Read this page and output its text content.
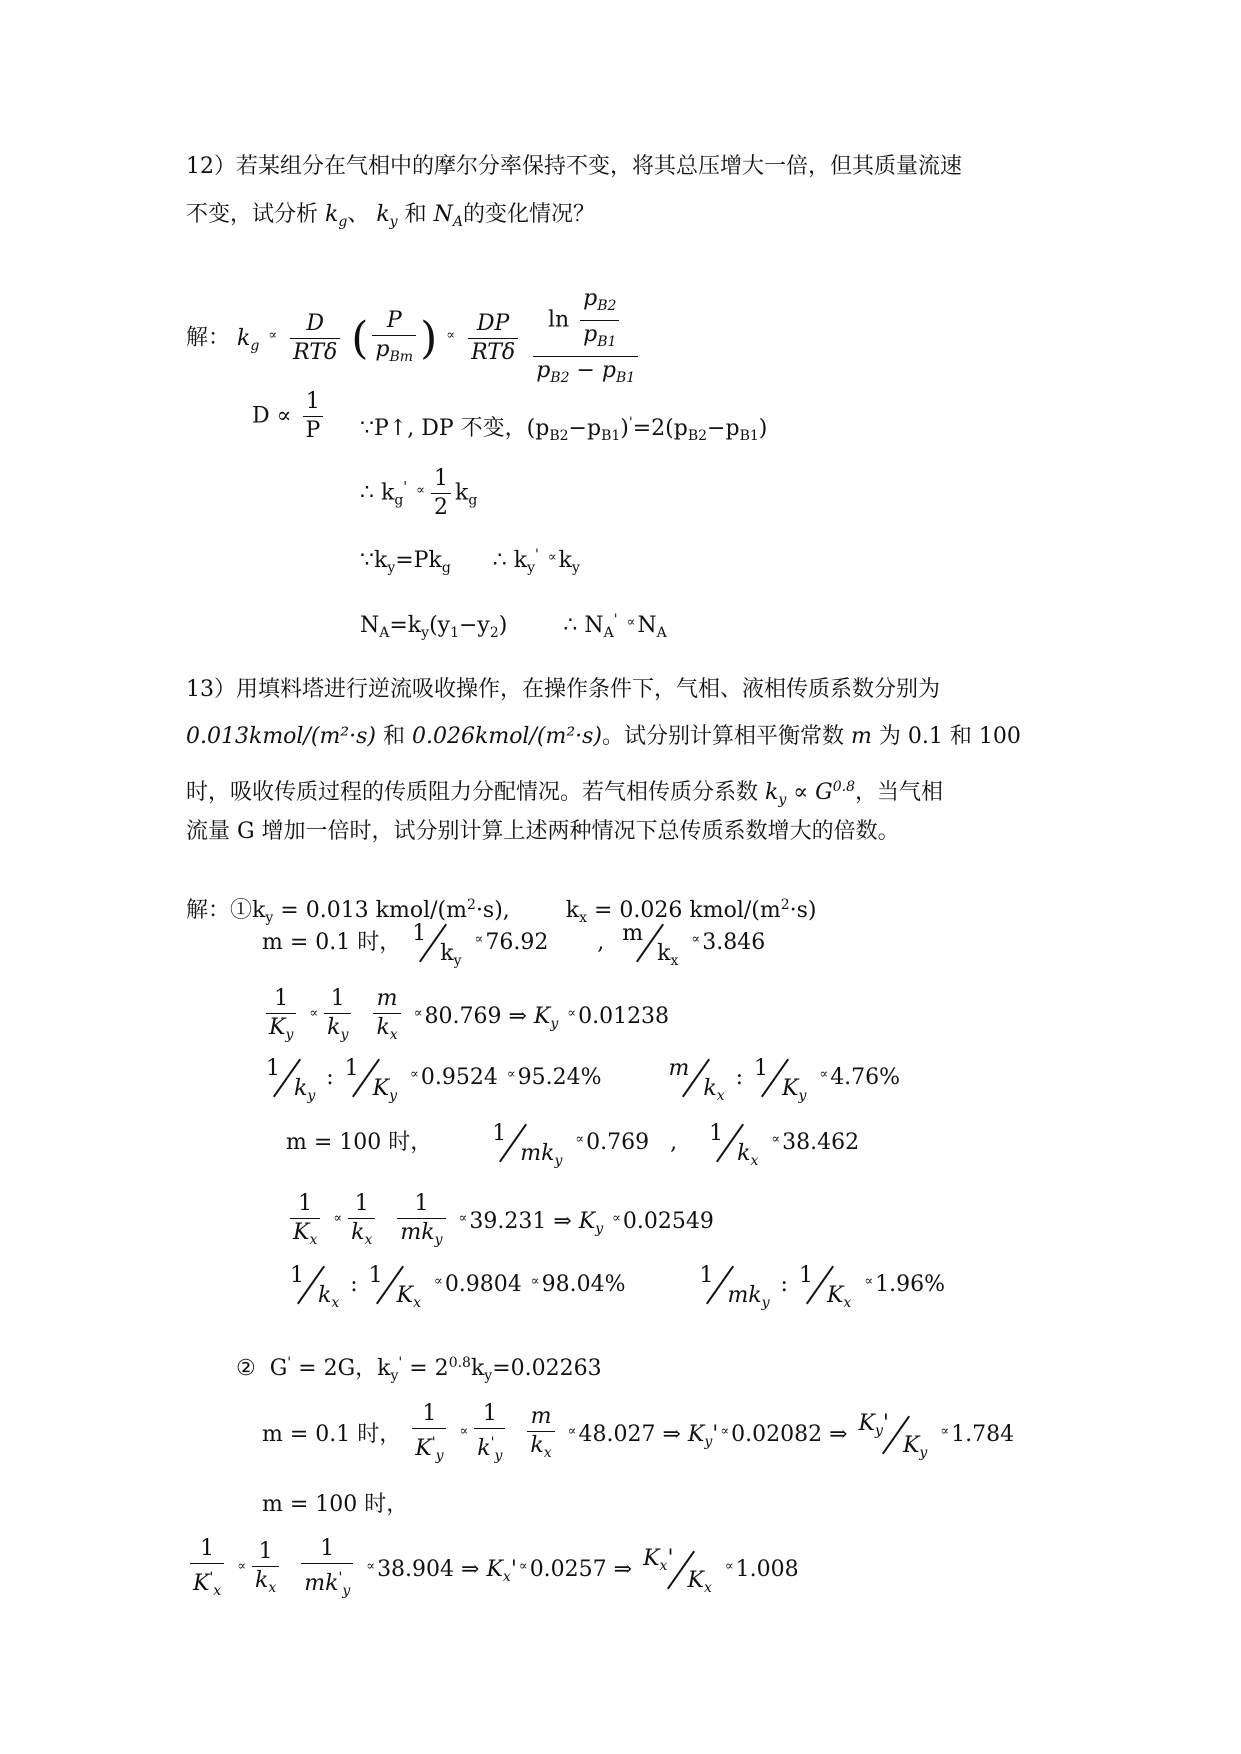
12）若某组分在气相中的摩尔分率保持不变，将其总压增大一倍，但其质量流速
不变，试分析 $k_g$、 $k_y$ 和 $N_A$的变化情况？
解： $k_g$ $^\propto \frac{D}{\text{RTδ}}$ ( $\frac{P}{p_{Bm}}$ ) $^\propto \frac{DP}{\text{RTδ}}$
$\frac{\ln \frac{p_{B2}}{p_{B1}}}{p_{B2} - p_{B1}}$
$D \propto \frac{1}{P}$ ∵P↑, DP 不变，$(p_{B2}-p_{B1})'=2(p_{B2}-p_{B1})$
∴ $k_g'$ $^\propto \frac{1}{2} k_g$
$\because k_y=Pk_g$      ∴ $k_y'$ $^\propto k_y$
$N_A=k_y(y_1-y_2)$        ∴ $N_A'$ $^\propto N_A$
13）用填料塔进行逆流吸收操作，在操作条件下，气相、液相传质系数分别为
0.013kmol/(m²·s) 和 0.026kmol/(m²·s)。试分别计算相平衡常数 m 为 0.1 和 100
时，吸收传质过程的传质阻力分配情况。若气相传质分系数 $k_y \propto G^{0.8}$，当气相
流量 G 增加一倍时，试分别计算上述两种情况下总传质系数增大的倍数。
解：$①k_y = 0.013$ kmol/$(m^2\cdot s)$,        $k_x = 0.026$ kmol/$(m^2\cdot s)$
m = 0.1 时， 1
$k_y$
∝76.92       , m
$k_x$
∝3.846
$\frac{1}{K_y} ^\propto \frac{1}{k_y}$
$\frac{m}{k_x} ^\propto 80.769$ ⇒ $K_y$ ∝0.01238
1
$k_y$
: 1
$K_y$
∝0.9524 ∝95.24%	m
$k_x$
: 1
$K_y$
∝4.76%
m = 100 时，	1
$mk_y$
∝0.769   , 1
$k_x$
∝38.462
$\frac{1}{K_x} ^\propto \frac{1}{k_x}$
$\frac{1}{mk_y} ^\propto 39.231$ ⇒ $K_y$ ∝0.02549
1
$k_x$
: 1
$K_x$
∝0.9804 ∝98.04%	1
$mk_y$
: 1
$K_x$
∝1.96%
②  G' = 2G，$k_y' = 2^{0.8}k_y=0.02263$
m = 0.1 时， $\frac{1}{K'_y} ^\propto \frac{1}{k'_y}$
$\frac{m}{k_x} ^\propto 48.027$ ⇒ $K_y'$ ∝0.02082 ⇒ $K_y'$
$K_y$
∝1.784
m = 100 时，
$\frac{1}{K'_x} ^\propto \frac{1}{k_x}$
$\frac{1}{mk'_y} ^\propto 38.904$ ⇒ $K_x'$ ∝0.0257 ⇒ $K_x'$
$K_x$
∝1.008
